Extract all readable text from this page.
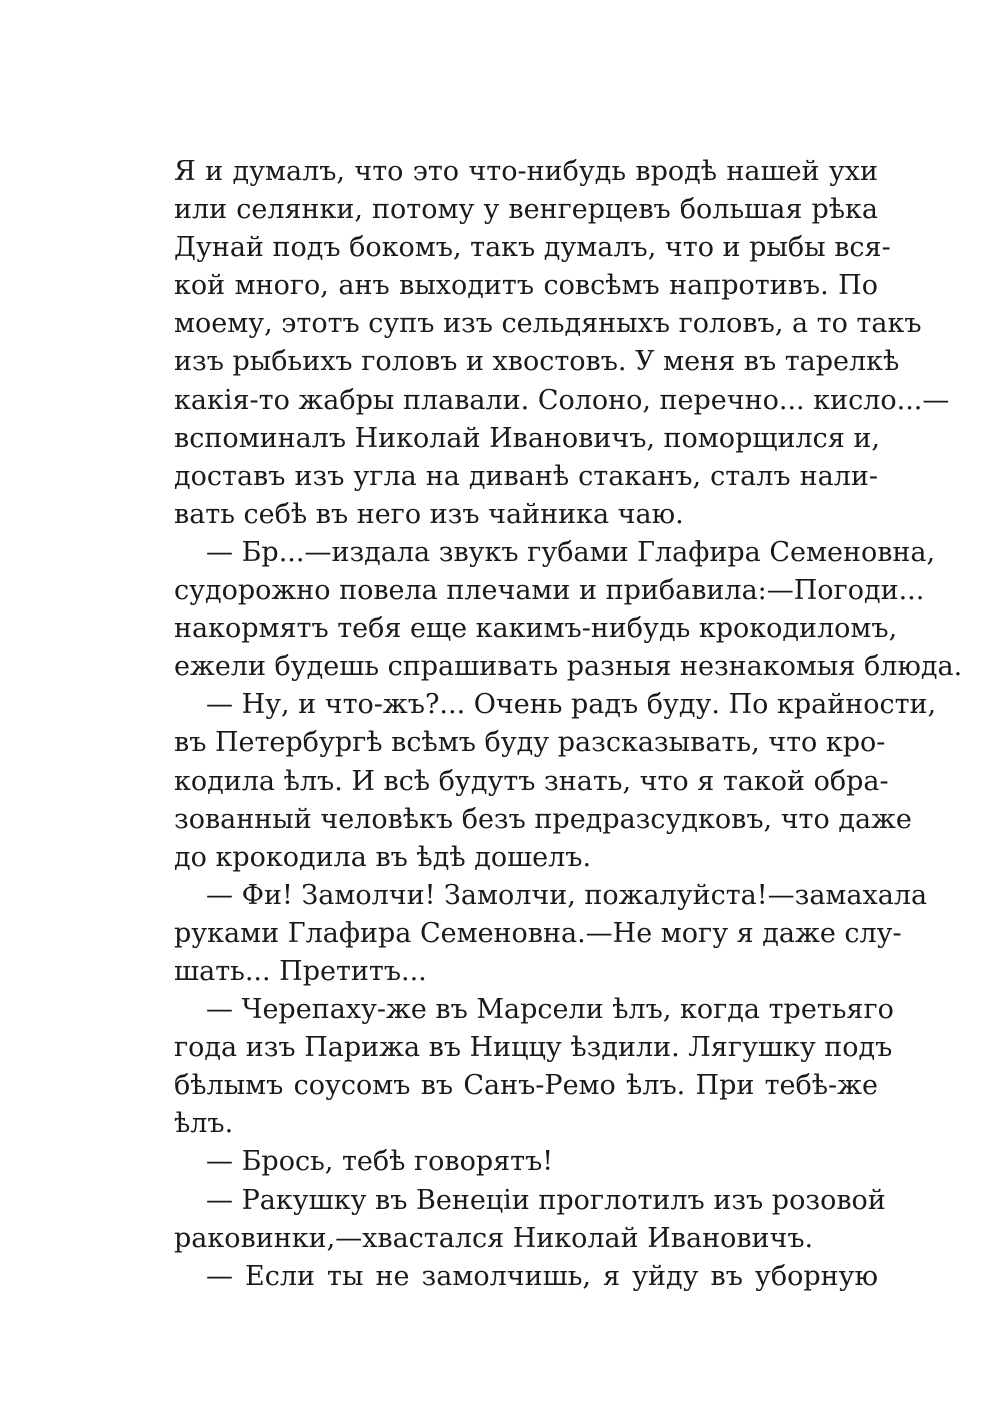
Я и думалъ, что это что-нибудь вродѣ нашей ухи
или селянки, потому у венгерцевъ большая рѣка
Дунай подъ бокомъ, такъ думалъ, что и рыбы вся-
кой много, анъ выходитъ совсѣмъ напротивъ. По
моему, этотъ супъ изъ сельдяныхъ головъ, а то такъ
изъ рыбьихъ головъ и хвостовъ. У меня въ тарелкѣ
какія-то жабры плавали. Солоно, перечно... кисло...—
вспоминалъ Николай Ивановичъ, поморщился и,
доставъ изъ угла на диванѣ стаканъ, сталъ нали-
вать себѣ въ него изъ чайника чаю.
— Бр...—издала звукъ губами Глафира Семеновна,
судорожно повела плечами и прибавила:—Погоди...
накормятъ тебя еще какимъ-нибудь крокодиломъ,
ежели будешь спрашивать разныя незнакомыя блюда.
— Ну, и что-жъ?... Очень радъ буду. По крайности,
въ Петербургѣ всѣмъ буду разсказывать, что кро-
кодила ѣлъ. И всѣ будутъ знать, что я такой обра-
зованный человѣкъ безъ предразсудковъ, что даже
до крокодила въ ѣдѣ дошелъ.
— Фи! Замолчи! Замолчи, пожалуйста!—замахала
руками Глафира Семеновна.—Не могу я даже слу-
шать... Претитъ...
— Черепаху-же въ Марсели ѣлъ, когда третьяго
года изъ Парижа въ Ниццу ѣздили. Лягушку подъ
бѣлымъ соусомъ въ Санъ-Ремо ѣлъ. При тебѣ-же
ѣлъ.
— Брось, тебѣ говорятъ!
— Ракушку въ Венеціи проглотилъ изъ розовой
раковинки,—хвастался Николай Ивановичъ.
— Если ты не замолчишь, я уйду въ уборную
